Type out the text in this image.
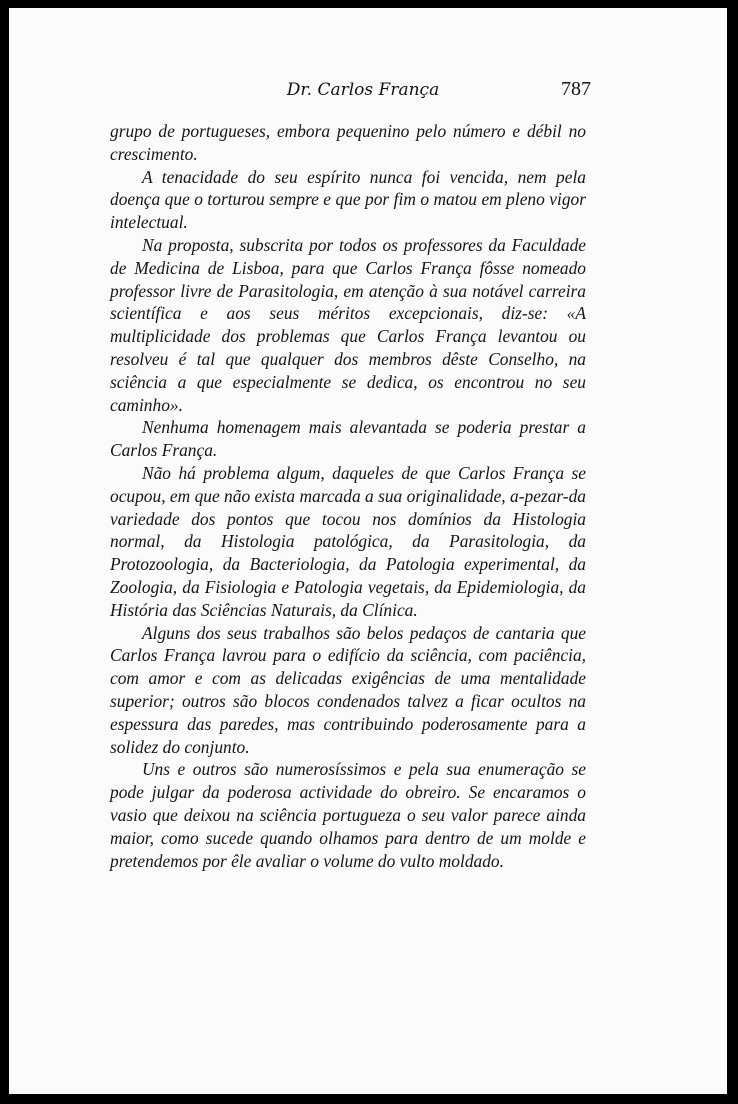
Dr. Carlos França	787

grupo de portugueses, embora pequenino pelo número e débil no crescimento.

A tenacidade do seu espírito nunca foi vencida, nem pela doença que o torturou sempre e que por fim o matou em pleno vigor intelectual.

Na proposta, subscrita por todos os professores da Faculdade de Medicina de Lisboa, para que Carlos França fôsse nomeado professor livre de Parasitologia, em atenção à sua notável carreira scientífica e aos seus méritos excepcionais, diz-se: «A multiplicidade dos problemas que Carlos França levantou ou resolveu é tal que qualquer dos membros dêste Conselho, na sciência a que especialmente se dedica, os encontrou no seu caminho».

Nenhuma homenagem mais alevantada se poderia prestar a Carlos França.

Não há problema algum, daqueles de que Carlos França se ocupou, em que não exista marcada a sua originalidade, a-pezar-da variedade dos pontos que tocou nos domínios da Histologia normal, da Histologia patológica, da Parasitologia, da Protozoologia, da Bacteriologia, da Patologia experimental, da Zoologia, da Fisiologia e Patologia vegetais, da Epidemiologia, da História das Sciências Naturais, da Clínica.

Alguns dos seus trabalhos são belos pedaços de cantaria que Carlos França lavrou para o edifício da sciência, com paciência, com amor e com as delicadas exigências de uma mentalidade superior; outros são blocos condenados talvez a ficar ocultos na espessura das paredes, mas contribuindo poderosamente para a solidez do conjunto.

Uns e outros são numerosíssimos e pela sua enumeração se pode julgar da poderosa actividade do obreiro. Se encaramos o vasio que deixou na sciência portugueza o seu valor parece ainda maior, como sucede quando olhamos para dentro de um molde e pretendemos por êle avaliar o volume do vulto moldado.
